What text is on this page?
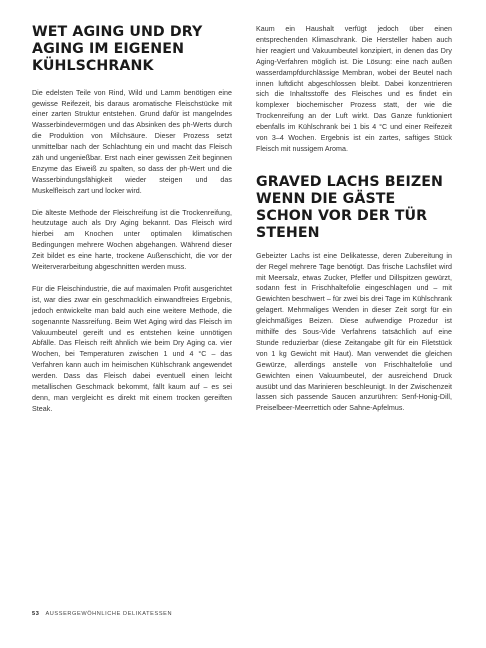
WET AGING UND DRY AGING IM EIGENEN KÜHLSCHRANK

Die edelsten Teile von Rind, Wild und Lamm benötigen eine gewisse Reifezeit, bis daraus aromatische Fleischstücke mit einer zarten Struktur entstehen. Grund dafür ist mangelndes Wasserbindevermögen und das Absinken des ph-Werts durch die Produktion von Milchsäure. Dieser Prozess setzt unmittelbar nach der Schlachtung ein und macht das Fleisch zäh und ungenießbar. Erst nach einer gewissen Zeit beginnen Enzyme das Eiweiß zu spalten, so dass der ph-Wert und die Wasserbindungsfähigkeit wieder steigen und das Muskelfleisch zart und locker wird.

Die älteste Methode der Fleischreifung ist die Trockenreifung, heutzutage auch als Dry Aging bekannt. Das Fleisch wird hierbei am Knochen unter optimalen klimatischen Bedingungen mehrere Wochen abgehangen. Während dieser Zeit bildet es eine harte, trockene Außenschicht, die vor der Weiterverarbeitung abgeschnitten werden muss.

Für die Fleischindustrie, die auf maximalen Profit ausgerichtet ist, war dies zwar ein geschmacklich einwandfreies Ergebnis, jedoch entwickelte man bald auch eine weitere Methode, die sogenannte Nassreifung. Beim Wet Aging wird das Fleisch im Vakuumbeutel gereift und es entstehen keine unnötigen Abfälle. Das Fleisch reift ähnlich wie beim Dry Aging ca. vier Wochen, bei Temperaturen zwischen 1 und 4 °C – das Verfahren kann auch im heimischen Kühlschrank angewendet werden. Dass das Fleisch dabei eventuell einen leicht metallischen Geschmack bekommt, fällt kaum auf – es sei denn, man vergleicht es direkt mit einem trocken gereiften Steak.

Kaum ein Haushalt verfügt jedoch über einen entsprechenden Klimaschrank. Die Hersteller haben auch hier reagiert und Vakuumbeutel konzipiert, in denen das Dry Aging-Verfahren möglich ist. Die Lösung: eine nach außen wasserdampfdurchlässige Membran, wobei der Beutel nach innen luftdicht abgeschlossen bleibt. Dabei konzentrieren sich die Inhaltsstoffe des Fleisches und es findet ein komplexer biochemischer Prozess statt, der wie die Trockenreifung an der Luft wirkt. Das Ganze funktioniert ebenfalls im Kühlschrank bei 1 bis 4 °C und einer Reifezeit von 3–4 Wochen. Ergebnis ist ein zartes, saftiges Stück Fleisch mit nussigem Aroma.

GRAVED LACHS BEIZEN WENN DIE GÄSTE SCHON VOR DER TÜR STEHEN

Gebeizter Lachs ist eine Delikatesse, deren Zubereitung in der Regel mehrere Tage benötigt. Das frische Lachsfilet wird mit Meersalz, etwas Zucker, Pfeffer und Dillspitzen gewürzt, sodann fest in Frischhaltefolie eingeschlagen und – mit Gewichten beschwert – für zwei bis drei Tage im Kühlschrank gelagert. Mehrmaliges Wenden in dieser Zeit sorgt für ein gleichmäßiges Beizen. Diese aufwendige Prozedur ist mithilfe des Sous-Vide Verfahrens tatsächlich auf eine Stunde reduzierbar (diese Zeitangabe gilt für ein Filetstück von 1 kg Gewicht mit Haut). Man verwendet die gleichen Gewürze, allerdings anstelle von Frischhaltefolie und Gewichten einen Vakuumbeutel, der ausreichend Druck ausübt und das Marinieren beschleunigt. In der Zwischenzeit lassen sich passende Saucen anzurühren: Senf-Honig-Dill, Preiselbeer-Meerrettich oder Sahne-Apfelmus.

53 AUSSERGEWÖHNLICHE DELIKATESSEN
